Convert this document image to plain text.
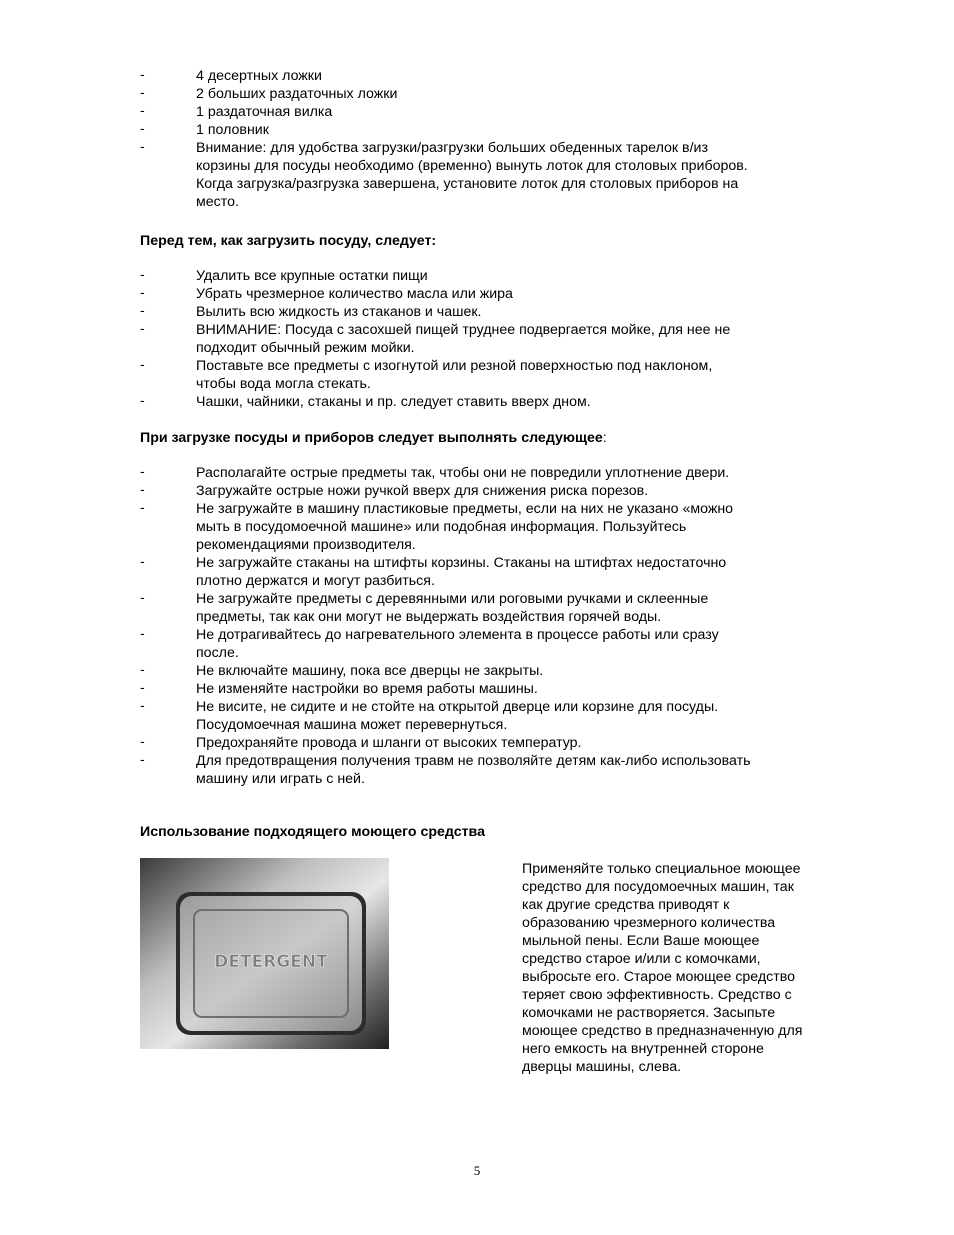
-	4 десертных ложки
-	2 больших раздаточных ложки
-	1 раздаточная вилка
-	1 половник
-	Внимание: для удобства загрузки/разгрузки больших обеденных тарелок в/из
корзины для посуды необходимо (временно) вынуть лоток для столовых приборов.
Когда загрузка/разгрузка завершена, установите лоток для столовых приборов на
место.
Перед тем, как загрузить посуду, следует:
-	Удалить все крупные остатки пищи
-	Убрать чрезмерное количество масла или жира
-	Вылить всю жидкость из стаканов и чашек.
-	ВНИМАНИЕ: Посуда с засохшей пищей труднее подвергается мойке, для нее не
подходит обычный режим мойки.
-	Поставьте все предметы с изогнутой или резной поверхностью под наклоном,
чтобы вода могла стекать.
-	Чашки, чайники, стаканы и пр. следует ставить вверх дном.
При загрузке посуды и приборов следует выполнять следующее:
-	Располагайте острые предметы так, чтобы они не повредили уплотнение двери.
-	Загружайте острые ножи ручкой вверх для снижения риска порезов.
-	Не загружайте в машину пластиковые предметы, если на них не указано «можно
мыть в посудомоечной машине» или подобная информация. Пользуйтесь
рекомендациями производителя.
-	Не загружайте стаканы на штифты корзины. Стаканы на штифтах недостаточно
плотно держатся и могут разбиться.
-	Не загружайте предметы с деревянными или роговыми ручками и склеенные
предметы, так как они могут не выдержать воздействия горячей воды.
-	Не дотрагивайтесь до нагревательного элемента в процессе работы или сразу
после.
-	Не включайте машину, пока все дверцы не закрыты.
-	Не изменяйте настройки во время работы машины.
-	Не висите, не сидите и не стойте на открытой дверце или корзине для посуды.
Посудомоечная машина может перевернуться.
-	Предохраняйте провода и шланги от высоких температур.
-	Для предотвращения получения травм не позволяйте детям как-либо использовать
машину или играть с ней.
Использование подходящего моющего средства
DETERGENT
Применяйте только специальное моющее
средство для посудомоечных машин, так
как другие средства приводят к
образованию чрезмерного количества
мыльной пены. Если Ваше моющее
средство старое и/или с комочками,
выбросьте его. Старое моющее средство
теряет свою эффективность. Средство с
комочками не растворяется. Засыпьте
моющее средство в предназначенную для
него емкость на внутренней стороне
дверцы машины, слева.
5
